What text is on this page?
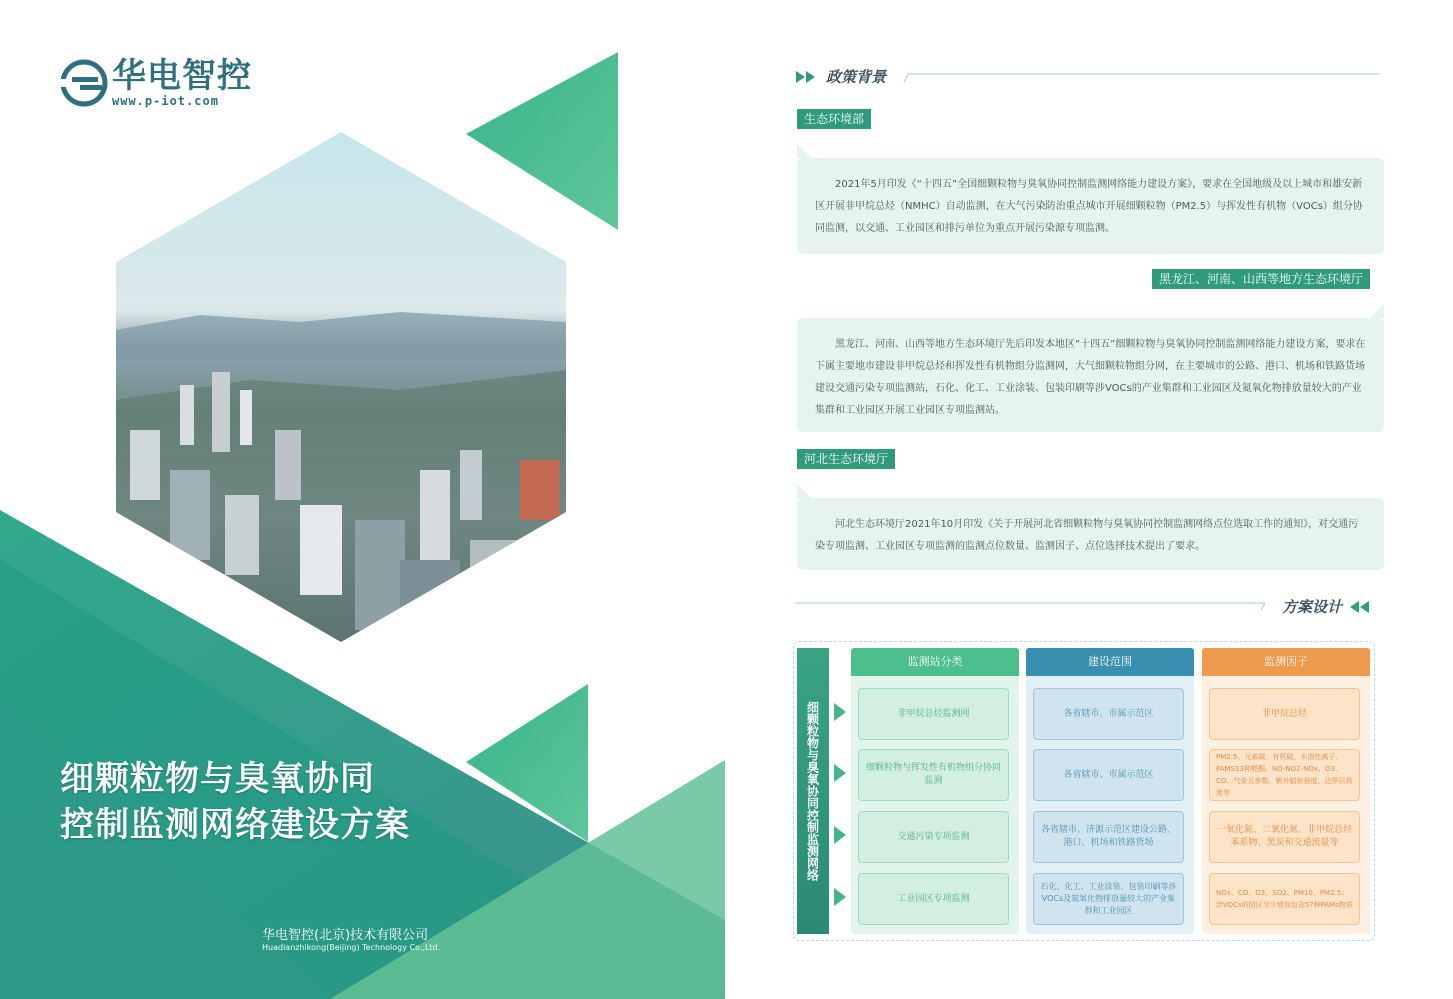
华电智控
www.p-iot.com
细颗粒物与臭氧协同
控制监测网络建设方案
华电智控(北京)技术有限公司
Huadianzhikong(Beijing) Technology Co.,Ltd.
政策背景
生态环境部
2021年5月印发《“十四五”全国细颗粒物与臭氧协同控制监测网络能力建设方案》，要求在全国地级及以上城市和雄安新区开展非甲烷总烃（NMHC）自动监测，在大气污染防治重点城市开展细颗粒物（PM2.5）与挥发性有机物（VOCs）组分协同监测，以交通、工业园区和排污单位为重点开展污染源专项监测。
黑龙江、河南、山西等地方生态环境厅
黑龙江、河南、山西等地方生态环境厅先后印发本地区“十四五”细颗粒物与臭氧协同控制监测网络能力建设方案，要求在下属主要地市建设非甲烷总烃和挥发性有机物组分监测网，大气细颗粒物组分网，在主要城市的公路、港口、机场和铁路货场建设交通污染专项监测站，石化、化工、工业涂装、包装印刷等涉VOCs的产业集群和工业园区及氮氧化物排放量较大的产业集群和工业园区开展工业园区专项监测站。
河北生态环境厅
河北生态环境厅2021年10月印发《关于开展河北省细颗粒物与臭氧协同控制监测网络点位选取工作的通知》，对交通污染专项监测、工业园区专项监测的监测点位数量、监测因子、点位选择技术提出了要求。
方案设计
细颗粒物与臭氧协同控制监测网络
监测站分类
非甲烷总烃监测网
细颗粒物与挥发性有机物组分协同监测
交通污染专项监测
工业园区专项监测
建设范围
各省辖市、市属示范区
各省辖市、市属示范区
各省辖市、济源示范区建设公路、港口、机场和铁路货场
石化、化工、工业涂装、包装印刷等涉VOCs及氮氧化物排放量较大的产业集群和工业园区
监测因子
非甲烷总烃
PM2.5、元素碳、有机碳、水溶性离子、PAMS13种醛酮、NO-NO2-NOx、O3、CO、气象五参数、紫外辐射强度、边界层高度等
一氧化氮、二氧化氮、非甲烷总烃苯系物、黑炭和交通流量等
NOx、CO、O3、SO2、PM10、PM2.5；涉VOCs的园区至少增加包含57种PAMs物质
